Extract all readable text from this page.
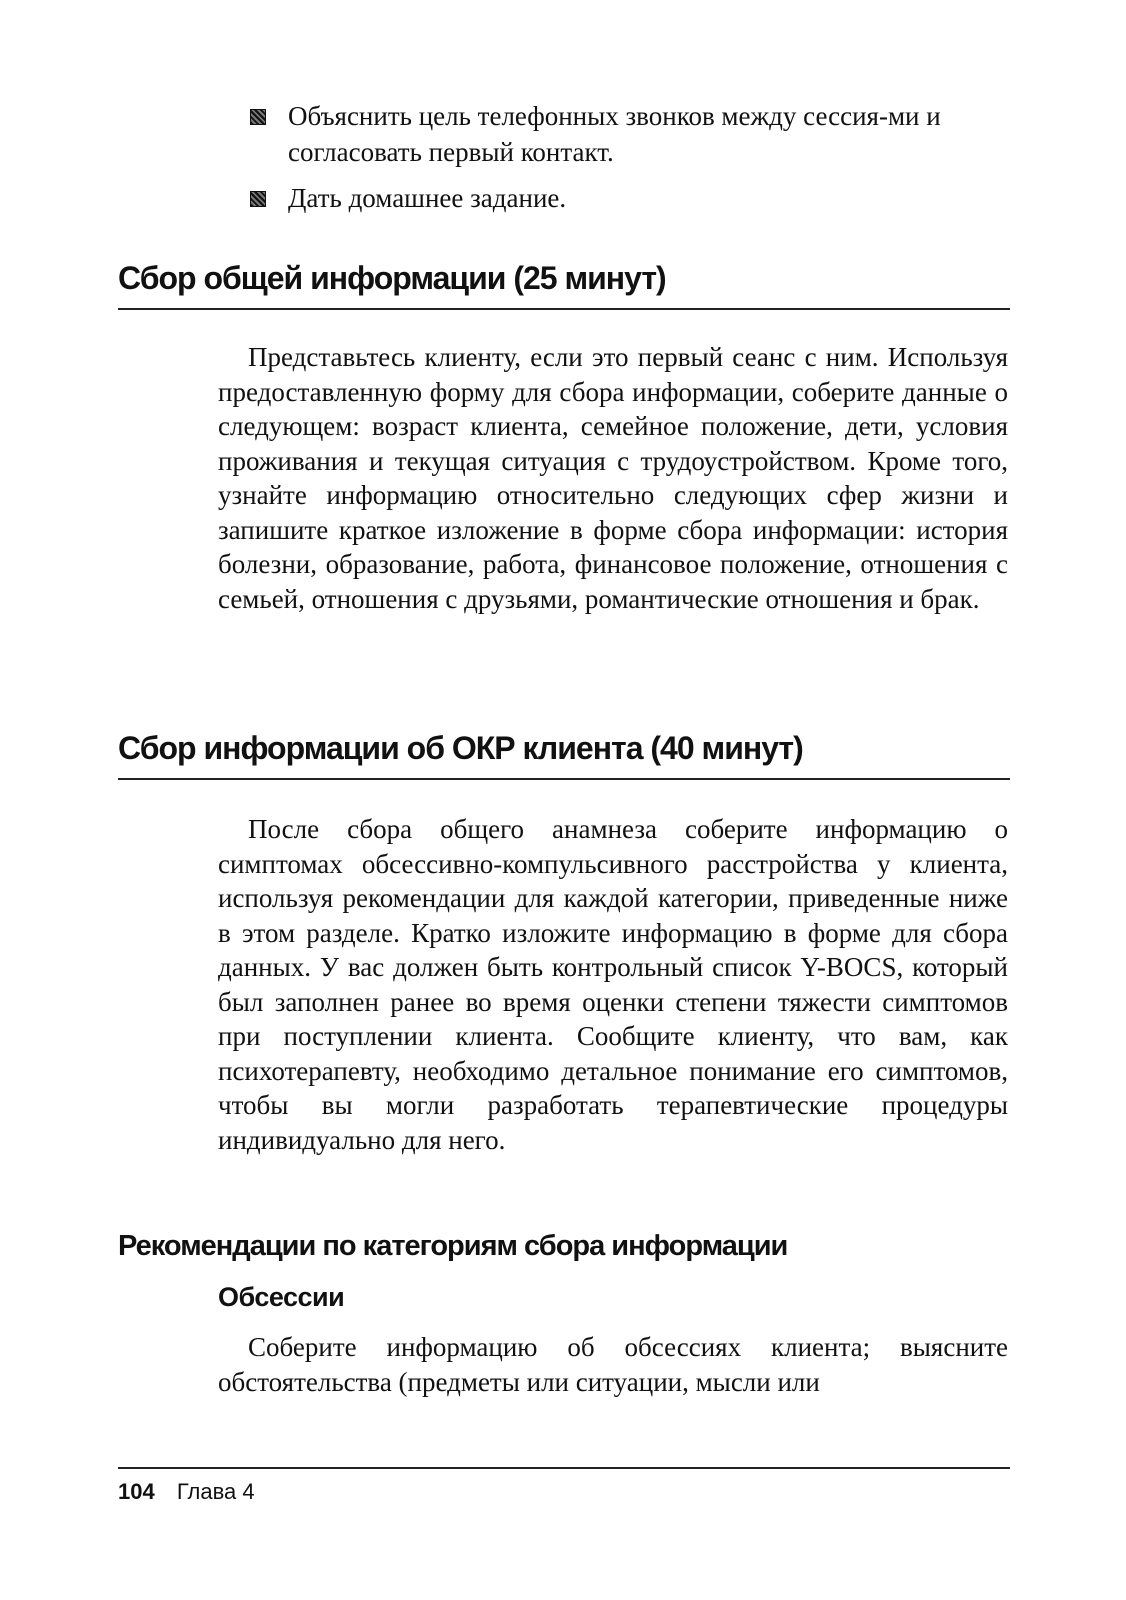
Объяснить цель телефонных звонков между сессия-ми и согласовать первый контакт.
Дать домашнее задание.
Сбор общей информации (25 минут)
Представьтесь клиенту, если это первый сеанс с ним. Используя предоставленную форму для сбора информации, соберите данные о следующем: возраст клиента, семейное положение, дети, условия проживания и текущая ситуация с трудоустройством. Кроме того, узнайте информацию относительно следующих сфер жизни и запишите краткое изложение в форме сбора информации: история болезни, образование, работа, финансовое положение, отношения с семьей, отношения с друзьями, романтические отношения и брак.
Сбор информации об ОКР клиента (40 минут)
После сбора общего анамнеза соберите информацию о симптомах обсессивно-компульсивного расстройства у клиента, используя рекомендации для каждой категории, приведенные ниже в этом разделе. Кратко изложите информацию в форме для сбора данных. У вас должен быть контрольный список Y-BOCS, который был заполнен ранее во время оценки степени тяжести симптомов при поступлении клиента. Сообщите клиенту, что вам, как психотерапевту, необходимо детальное понимание его симптомов, чтобы вы могли разработать терапевтические процедуры индивидуально для него.
Рекомендации по категориям сбора информации
Обсессии
Соберите информацию об обсессиях клиента; выясните обстоятельства (предметы или ситуации, мысли или
104 Глава 4
